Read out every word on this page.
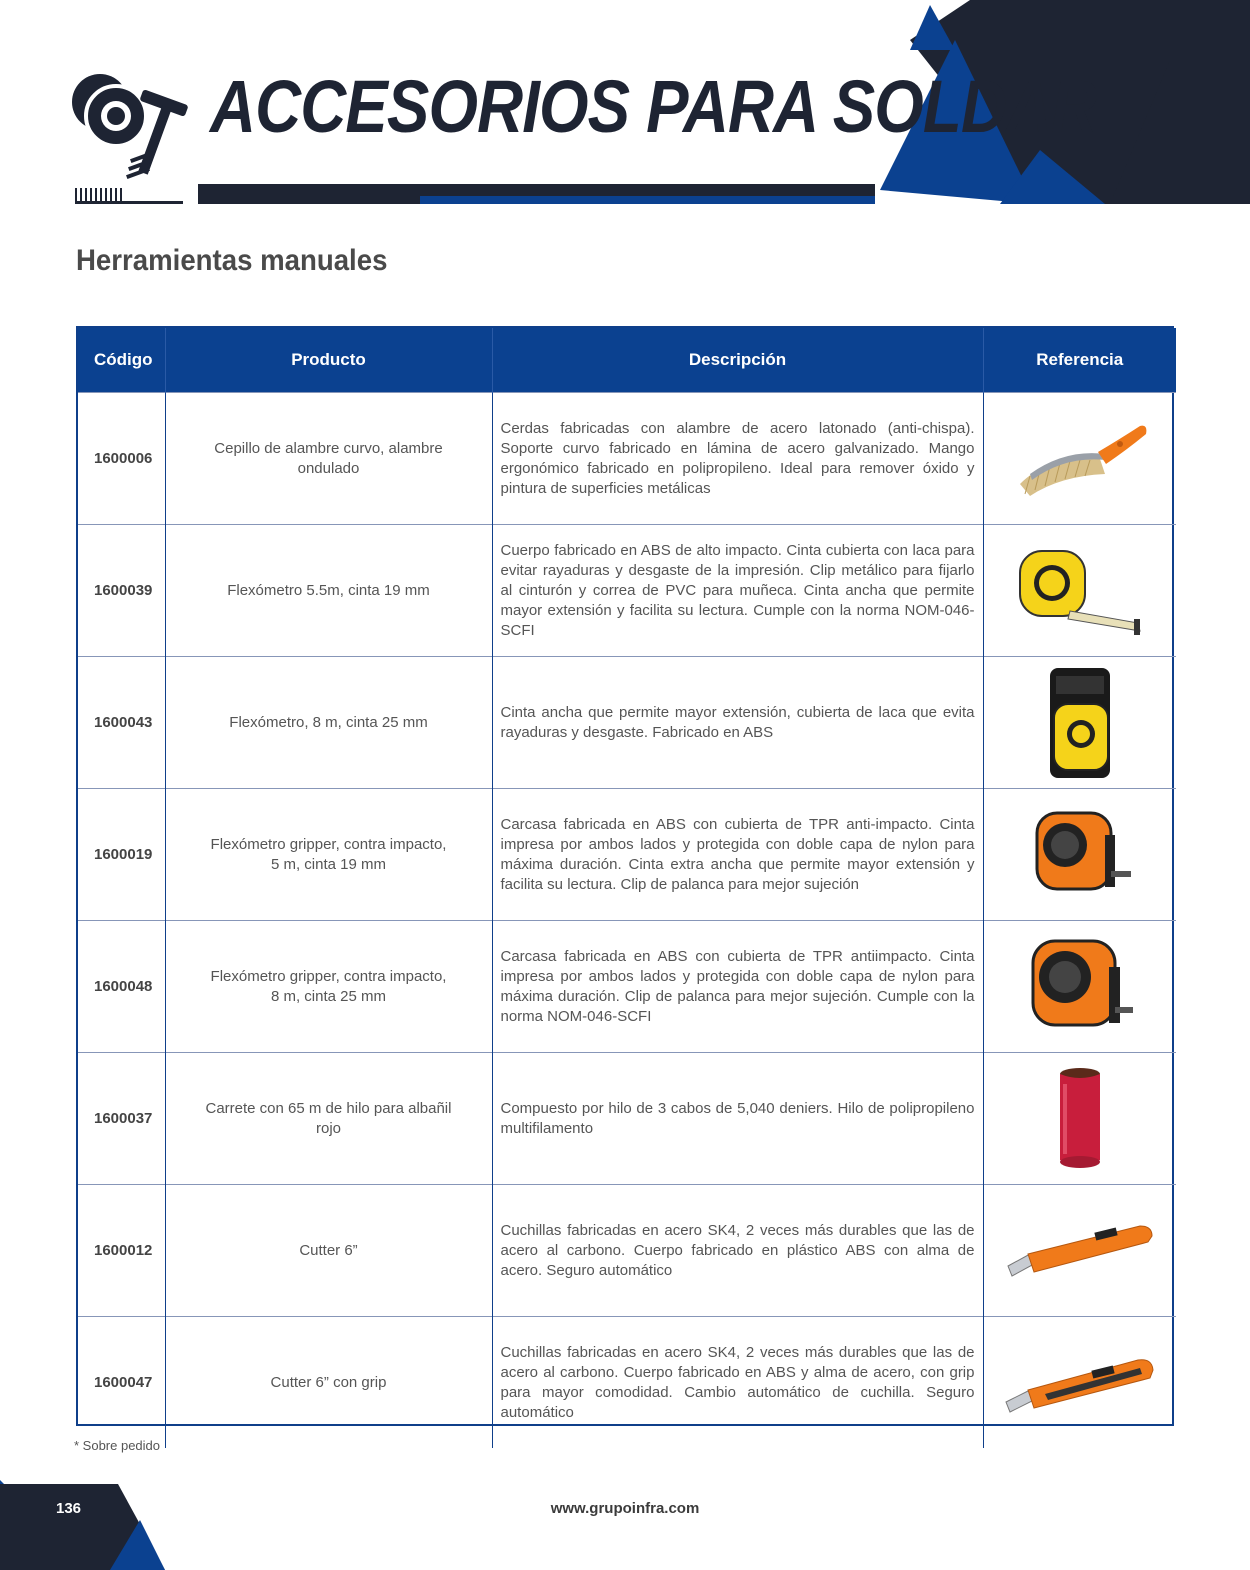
ACCESORIOS PARA SOLDAR
Herramientas manuales
Código	Producto	Descripción	Referencia
1600006	Cepillo de alambre curvo, alambre ondulado	Cerdas fabricadas con alambre de acero latonado (anti-chispa). Soporte curvo fabricado en lámina de acero galvanizado. Mango ergonómico fabricado en polipropileno. Ideal para remover óxido y pintura de superficies metálicas	

1600039	Flexómetro 5.5m, cinta 19 mm	Cuerpo fabricado en ABS de alto impacto. Cinta cubierta con laca para evitar rayaduras y desgaste de la impresión. Clip metálico para fijarlo al cinturón y correa de PVC para muñeca. Cinta ancha que permite mayor extensión y facilita su lectura. Cumple con la norma NOM-046-SCFI	

1600043	Flexómetro, 8 m, cinta 25 mm	Cinta ancha que permite mayor extensión, cubierta de laca que evita rayaduras y desgaste. Fabricado en ABS	

1600019	Flexómetro gripper, contra impacto, 5 m, cinta 19 mm	Carcasa fabricada en ABS con cubierta de TPR anti-impacto. Cinta impresa por ambos lados y protegida con doble capa de nylon para máxima duración. Cinta extra ancha que permite mayor extensión y facilita su lectura. Clip de palanca para mejor sujeción	

1600048	Flexómetro gripper, contra impacto, 8 m, cinta 25 mm	Carcasa fabricada en ABS con cubierta de TPR antiimpacto. Cinta impresa por ambos lados y protegida con doble capa de nylon para máxima duración. Clip de palanca para mejor sujeción. Cumple con la norma NOM-046-SCFI	

1600037	Carrete con 65 m de hilo para albañil rojo	Compuesto por hilo de 3 cabos de 5,040 deniers. Hilo de polipropileno multifilamento	

1600012	Cutter 6”	Cuchillas fabricadas en acero SK4, 2 veces más durables que las de acero al carbono. Cuerpo fabricado en plástico ABS con alma de acero. Seguro automático	

1600047	Cutter 6” con grip	Cuchillas fabricadas en acero SK4, 2 veces más durables que las de acero al carbono. Cuerpo fabricado en ABS y alma de acero, con grip para mayor comodidad. Cambio automático de cuchilla. Seguro automático	
* Sobre pedido
136	www.grupoinfra.com
